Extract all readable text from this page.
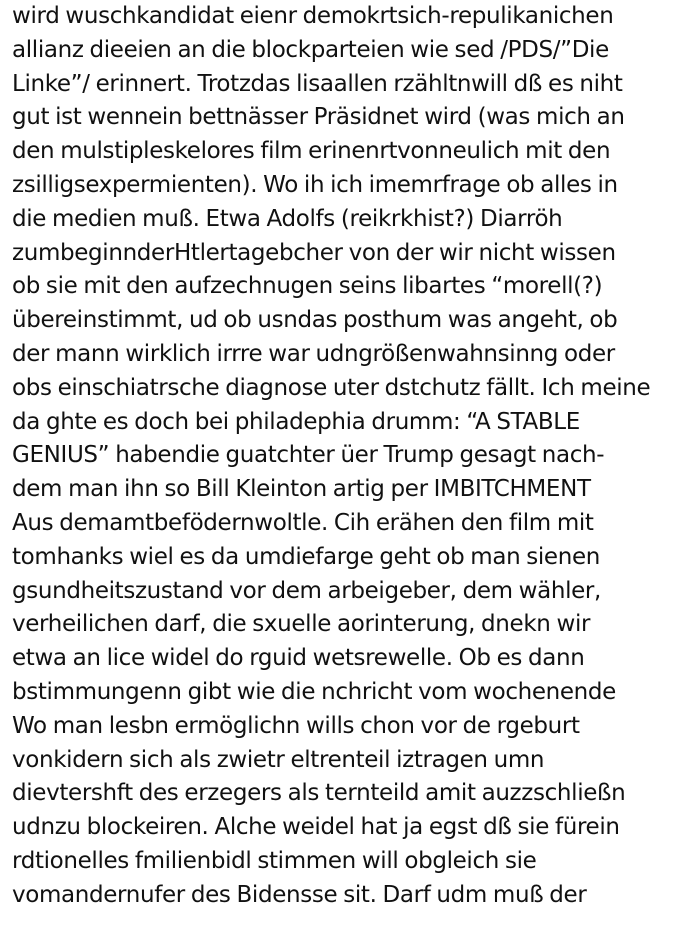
wird wuschkandidat eienr demokrtsich-repulikanichen
allianz dieeien an die blockparteien wie sed /PDS/”Die
Linke”/ erinnert. Trotzdas lisaallen rzähltnwill dß es niht
gut ist wennein bettnässer Präsidnet wird (was mich an
den mulstipleskelores film erinenrtvonneulich mit den
zsilligsexpermienten). Wo ih ich imemrfrage ob alles in
die medien muß. Etwa Adolfs (reikrkhist?) Diarröh
zumbeginnderHtlertagebcher von der wir nicht wissen
ob sie mit den aufzechnugen seins libartes “morell(?)
übereinstimmt, ud ob usndas posthum was angeht, ob
der mann wirklich irrre war udngrößenwahnsinng oder
obs einschiatrsche diagnose uter dstchutz fällt. Ich meine
da ghte es doch bei philadephia drumm: “A STABLE
GENIUS” habendie guatchter üer Trump gesagt nach-
dem man ihn so Bill Kleinton artig per IMBITCHMENT
Aus demamtbefödernwoltle. Cih erähen den film mit
tomhanks wiel es da umdiefarge geht ob man sienen
gsundheitszustand vor dem arbeigeber, dem wähler,
verheilichen darf, die sxuelle aorinterung, dnekn wir
etwa an lice widel do rguid wetsrewelle. Ob es dann
bstimmungenn gibt wie die nchricht vom wochenende
Wo man lesbn ermöglichn wills chon vor de rgeburt
vonkidern sich als zwietr eltrenteil iztragen umn
dievtershft des erzegers als ternteild amit auzzschließn
udnzu blockeiren. Alche weidel hat ja egst dß sie fürein
rdtionelles fmilienbidl stimmen will obgleich sie
vomandernufer des Bidensse sit. Darf udm muß der
